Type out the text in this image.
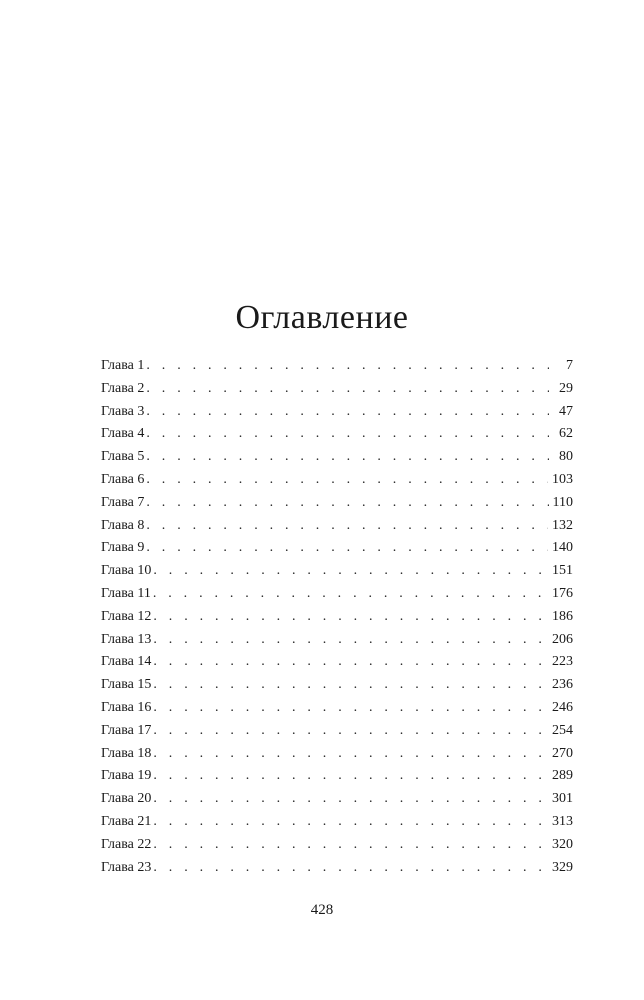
Оглавление
Глава 1 . . .	7
Глава 2 . . .	29
Глава 3 . . .	47
Глава 4 . . .	62
Глава 5 . . .	80
Глава 6 . . .	103
Глава 7 . . .	110
Глава 8 . . .	132
Глава 9 . . .	140
Глава 10 . . .	151
Глава 11 . . .	176
Глава 12 . . .	186
Глава 13 . . .	206
Глава 14 . . .	223
Глава 15 . . .	236
Глава 16 . . .	246
Глава 17 . . .	254
Глава 18 . . .	270
Глава 19 . . .	289
Глава 20 . . .	301
Глава 21 . . .	313
Глава 22 . . .	320
Глава 23 . . .	329
428
